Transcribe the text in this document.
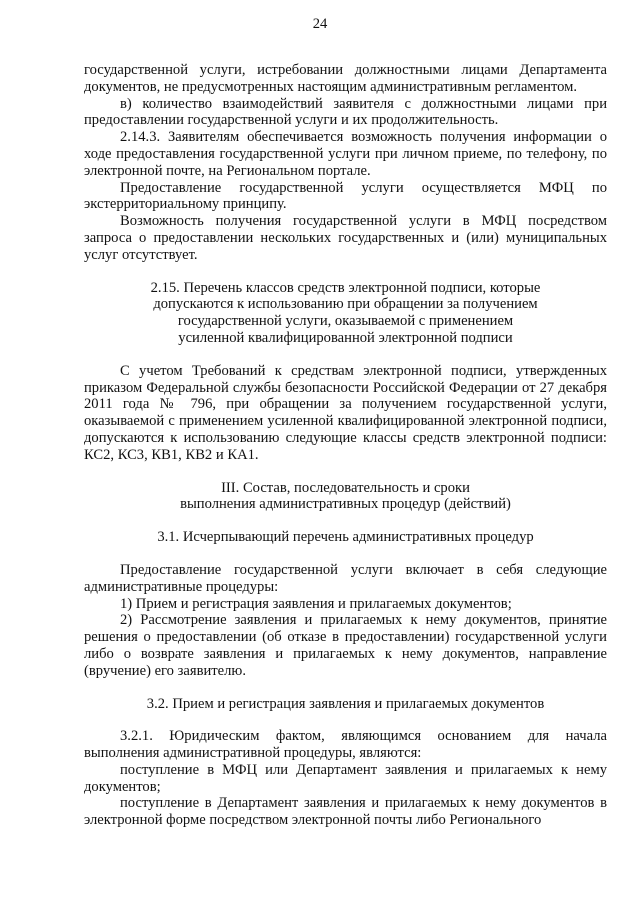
24

государственной услуги, истребовании должностными лицами Департамента документов, не предусмотренных настоящим административным регламентом.

в) количество взаимодействий заявителя с должностными лицами при предоставлении государственной услуги и их продолжительность.

2.14.3. Заявителям обеспечивается возможность получения информации о ходе предоставления государственной услуги при личном приеме, по телефону, по электронной почте, на Региональном портале.

Предоставление государственной услуги осуществляется МФЦ по экстерриториальному принципу.

Возможность получения государственной услуги в МФЦ посредством запроса о предоставлении нескольких государственных и (или) муниципальных услуг отсутствует.

2.15. Перечень классов средств электронной подписи, которые
допускаются к использованию при обращении за получением
государственной услуги, оказываемой с применением
усиленной квалифицированной электронной подписи

С учетом Требований к средствам электронной подписи, утвержденных приказом Федеральной службы безопасности Российской Федерации от 27 декабря 2011 года № 796, при обращении за получением государственной услуги, оказываемой с применением усиленной квалифицированной электронной подписи, допускаются к использованию следующие классы средств электронной подписи: КС2, КС3, КВ1, КВ2 и КА1.

III. Состав, последовательность и сроки
выполнения административных процедур (действий)
3.1. Исчерпывающий перечень административных процедур

Предоставление государственной услуги включает в себя следующие административные процедуры:

1) Прием и регистрация заявления и прилагаемых документов;

2) Рассмотрение заявления и прилагаемых к нему документов, принятие решения о предоставлении (об отказе в предоставлении) государственной услуги либо о возврате заявления и прилагаемых к нему документов, направление (вручение) его заявителю.

3.2. Прием и регистрация заявления и прилагаемых документов

3.2.1. Юридическим фактом, являющимся основанием для начала выполнения административной процедуры, являются:

поступление в МФЦ или Департамент заявления и прилагаемых к нему документов;

поступление в Департамент заявления и прилагаемых к нему документов в электронной форме посредством электронной почты либо Регионального
